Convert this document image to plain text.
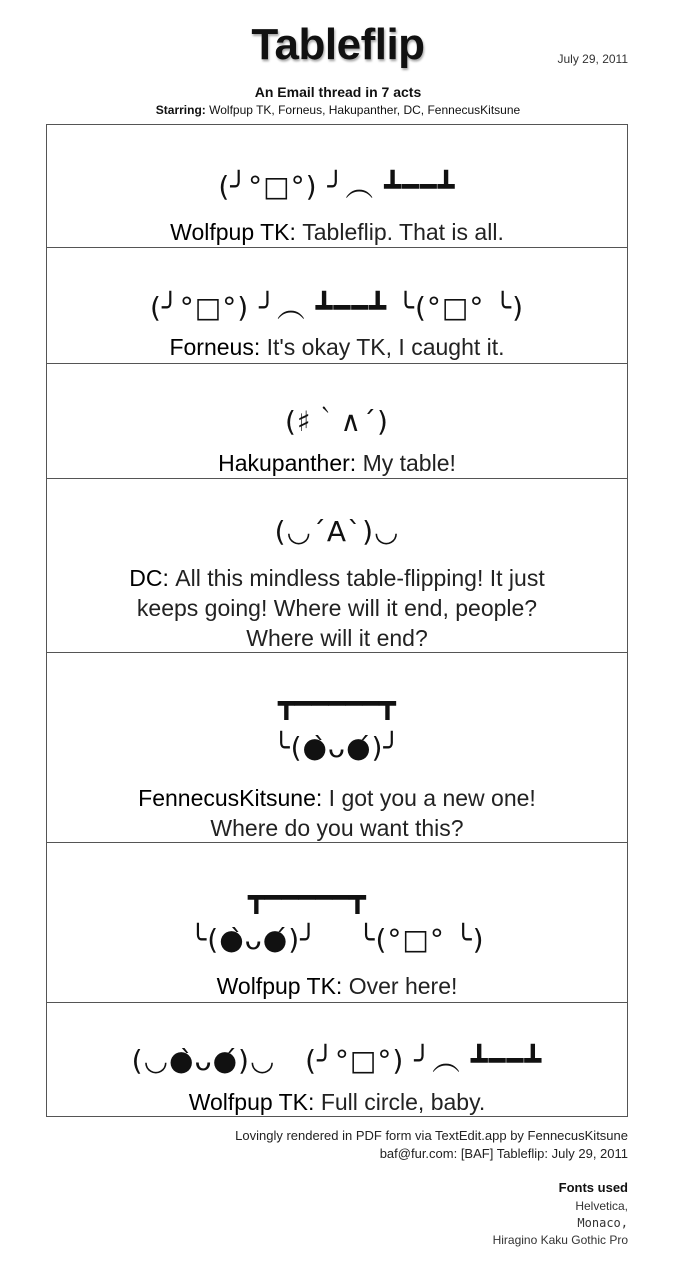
Tableflip	July 29, 2011
An Email thread in 7 acts
Starring: Wolfpup TK, Forneus, Hakupanther, DC, FennecusKitsune
(╯°□°) ╯︵ ┻━━┻
Wolfpup TK: Tableflip. That is all.
(╯°□°) ╯︵ ┻━━┻ ╰(°□° ╰)
Forneus: It's okay TK, I caught it.
(♯｀∧´)
Hakupanther: My table!
(◡´A`)◡
DC: All this mindless table-flipping! It just keeps going! Where will it end, people? Where will it end?
┳━━━━━┳
╰(●̀ᴗ●́)╯
FennecusKitsune: I got you a new one! Where do you want this?
┳━━━━━┳
╰(●̀ᴗ●́)╯    ╰(°□° ╰)
Wolfpup TK: Over here!
(◡●̀ᴗ●́)◡   (╯°□°) ╯︵ ┻━━┻
Wolfpup TK: Full circle, baby.
Lovingly rendered in PDF form via TextEdit.app by FennecusKitsune
baf@fur.com: [BAF] Tableflip: July 29, 2011
Fonts used
Helvetica,
Monaco,
Hiragino Kaku Gothic Pro
